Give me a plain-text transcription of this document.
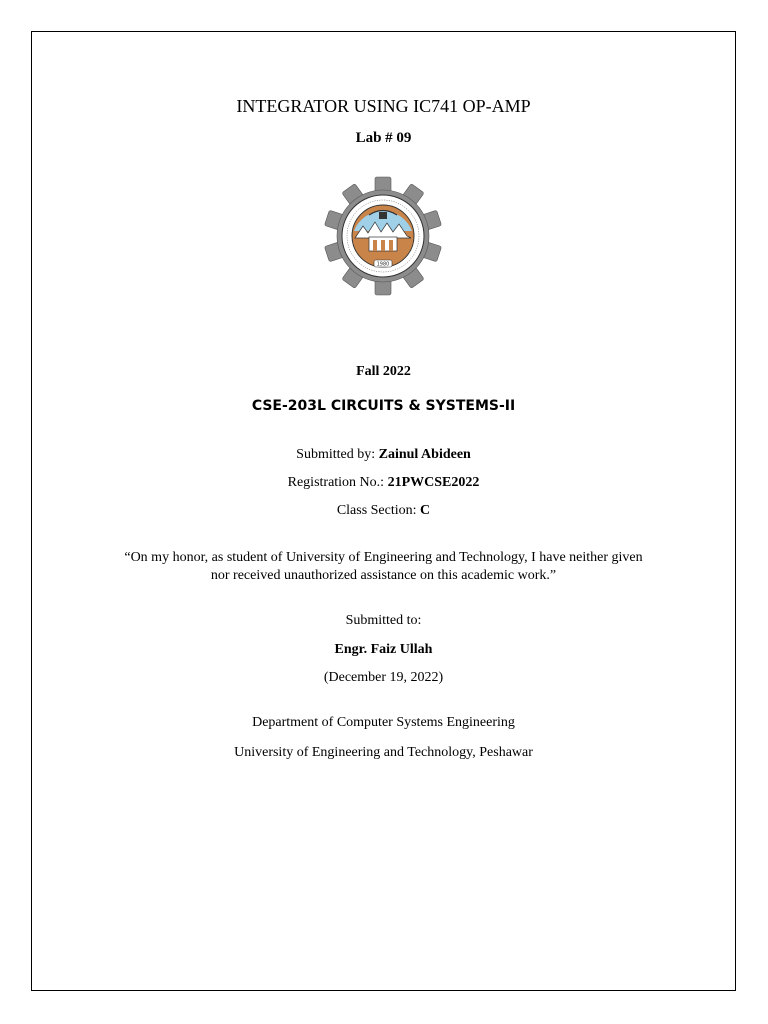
INTEGRATOR USING IC741 OP-AMP
Lab # 09
1980
Fall 2022
CSE-203L CIRCUITS & SYSTEMS-II
Submitted by: Zainul Abideen
Registration No.: 21PWCSE2022
Class Section: C
“On my honor, as student of University of Engineering and Technology, I have neither given
nor received unauthorized assistance on this academic work.”
Submitted to:
Engr. Faiz Ullah
(December 19, 2022)
Department of Computer Systems Engineering
University of Engineering and Technology, Peshawar
